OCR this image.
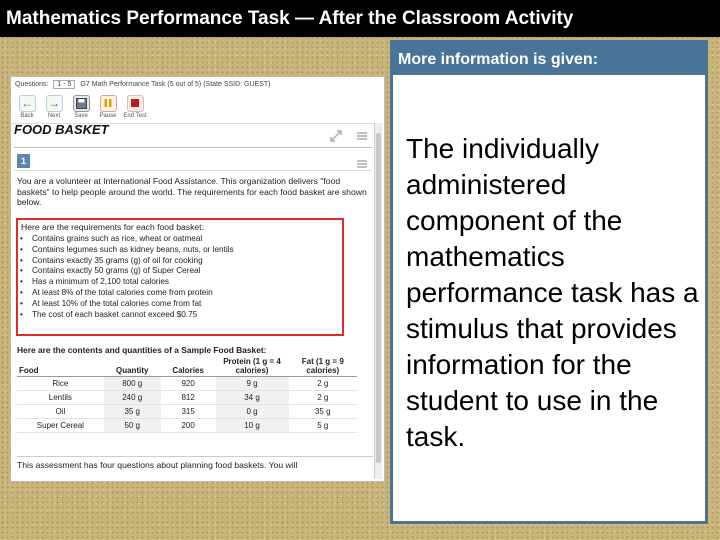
Mathematics Performance Task — After the Classroom Activity
Questions: 1 - 5 G7 Math Performance Task (5 out of 5) (State SSID: GUEST)
←
Back
→
Next	Save	Pause	End Test
FOOD BASKET
1
You are a volunteer at International Food Assistance. This organization delivers "food baskets" to help people around the world. The requirements for each food basket are shown below.
Here are the requirements for each food basket:
• Contains grains such as rice, wheat or oatmeal
• Contains legumes such as kidney beans, nuts, or lentils
• Contains exactly 35 grams (g) of oil for cooking
• Contains exactly 50 grams (g) of Super Cereal
• Has a minimum of 2,100 total calories
• At least 8% of the total calories come from protein
• At least 10% of the total calories come from fat
• The cost of each basket cannot exceed $0.75
Here are the contents and quantities of a Sample Food Basket:
Food	Quantity	Calories	Protein (1 g = 4 calories)	Fat (1 g = 9 calories)
Rice	800 g	920	9 g	2 g
Lentils	240 g	812	34 g	2 g
Oil	35 g	315	0 g	35 g
Super Cereal	50 g	200	10 g	5 g
This assessment has four questions about planning food baskets. You will
More information is given:
The individually administered component of the mathematics performance task has a stimulus that provides information for the student to use in the task.
